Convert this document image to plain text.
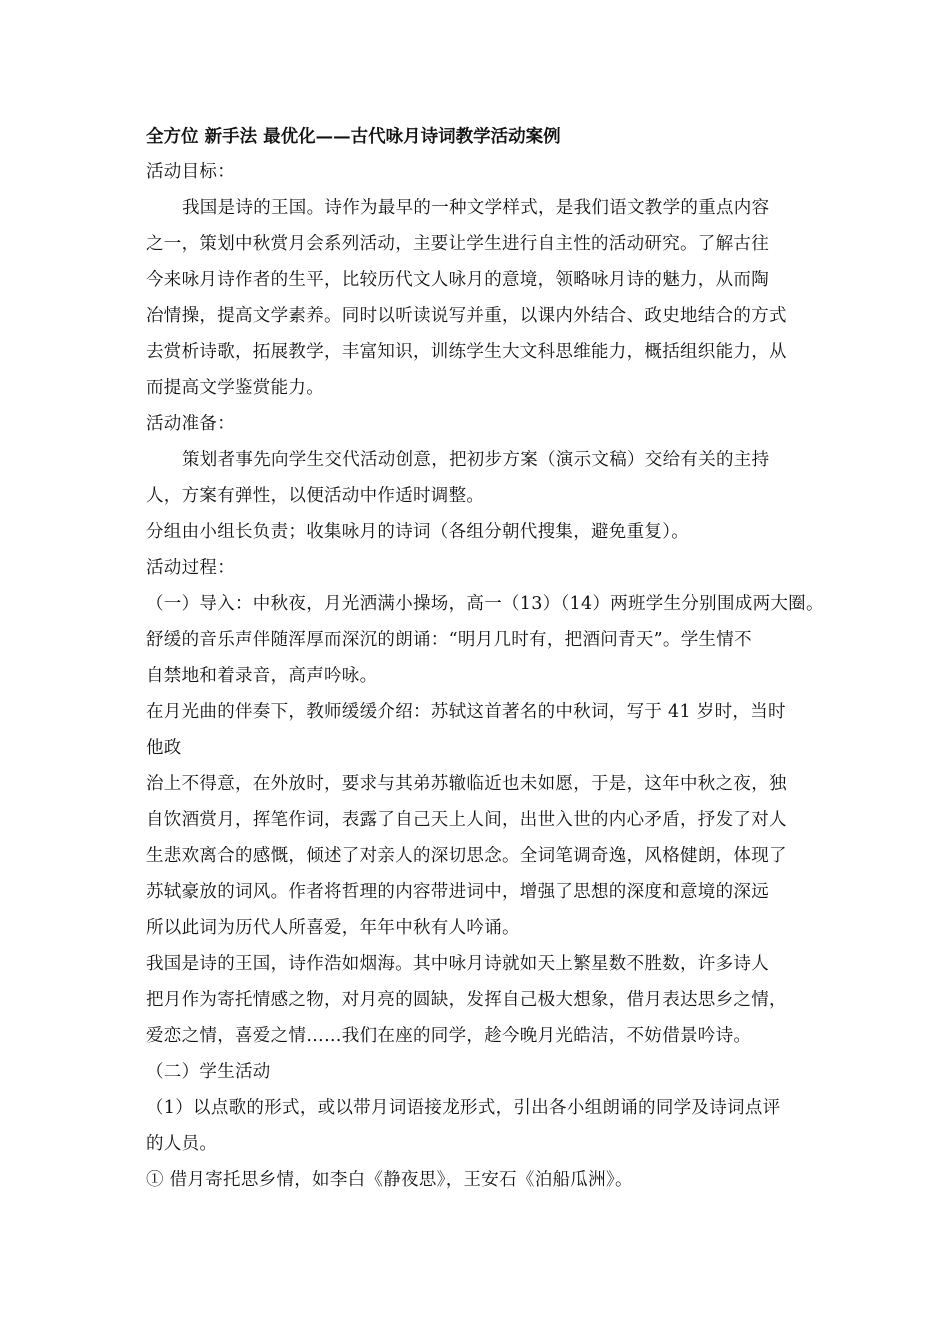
全方位 新手法 最优化——古代咏月诗词教学活动案例
活动目标：
我国是诗的王国。诗作为最早的一种文学样式，是我们语文教学的重点内容
之一，策划中秋赏月会系列活动，主要让学生进行自主性的活动研究。了解古往
今来咏月诗作者的生平，比较历代文人咏月的意境，领略咏月诗的魅力，从而陶
冶情操，提高文学素养。同时以听读说写并重，以课内外结合、政史地结合的方式
去赏析诗歌，拓展教学，丰富知识，训练学生大文科思维能力，概括组织能力，从
而提高文学鉴赏能力。
活动准备：
策划者事先向学生交代活动创意，把初步方案（演示文稿）交给有关的主持
人，方案有弹性，以便活动中作适时调整。
分组由小组长负责；收集咏月的诗词（各组分朝代搜集，避免重复）。
活动过程：
（一）导入：中秋夜，月光洒满小操场，高一（13）（14）两班学生分别围成两大圈。
舒缓的音乐声伴随浑厚而深沉的朗诵：“明月几时有，把酒问青天”。学生情不
自禁地和着录音，高声吟咏。
在月光曲的伴奏下，教师缓缓介绍：苏轼这首著名的中秋词，写于 41 岁时，当时
他政
治上不得意，在外放时，要求与其弟苏辙临近也未如愿，于是，这年中秋之夜，独
自饮酒赏月，挥笔作词，表露了自己天上人间，出世入世的内心矛盾，抒发了对人
生悲欢离合的感慨，倾述了对亲人的深切思念。全词笔调奇逸，风格健朗，体现了
苏轼豪放的词风。作者将哲理的内容带进词中，增强了思想的深度和意境的深远
所以此词为历代人所喜爱，年年中秋有人吟诵。
我国是诗的王国，诗作浩如烟海。其中咏月诗就如天上繁星数不胜数，许多诗人
把月作为寄托情感之物，对月亮的圆缺，发挥自己极大想象，借月表达思乡之情，
爱恋之情，喜爱之情……我们在座的同学，趁今晚月光皓洁，不妨借景吟诗。
（二）学生活动
（1）以点歌的形式，或以带月词语接龙形式，引出各小组朗诵的同学及诗词点评
的人员。
① 借月寄托思乡情，如李白《静夜思》，王安石《泊船瓜洲》。
